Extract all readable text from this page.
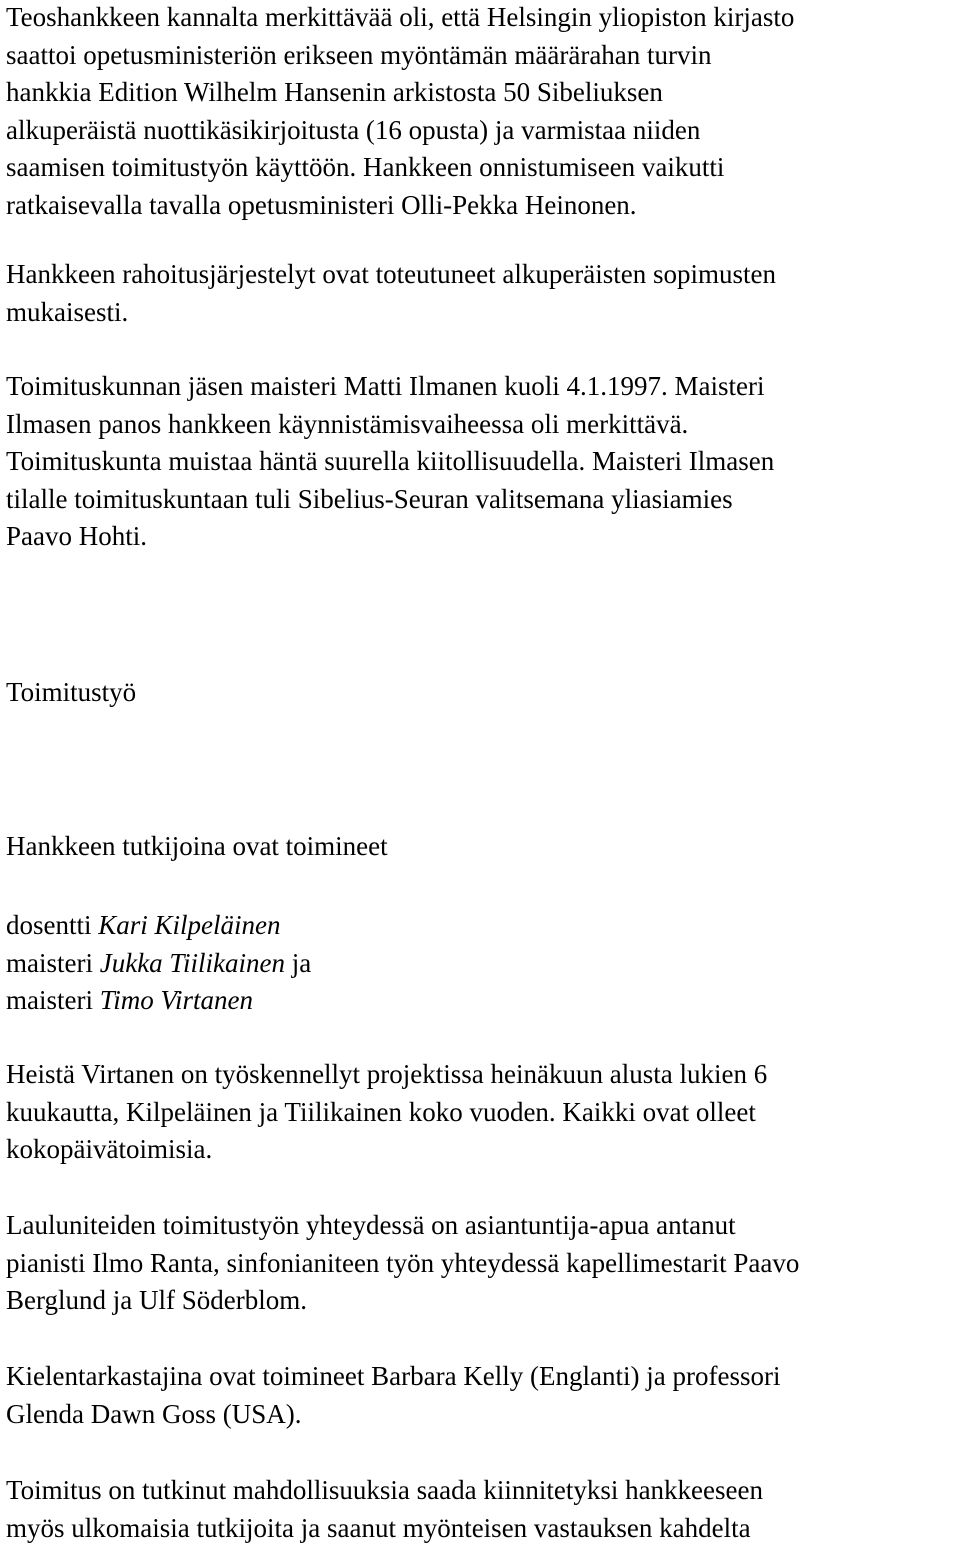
Teoshankkeen kannalta merkittävää oli, että Helsingin yliopiston kirjasto
saattoi opetusministeriön erikseen myöntämän määrärahan turvin
hankkia Edition Wilhelm Hansenin arkistosta 50 Sibeliuksen
alkuperäistä nuottikäsikirjoitusta (16 opusta) ja varmistaa niiden
saamisen toimitustyön käyttöön. Hankkeen onnistumiseen vaikutti
ratkaisevalla tavalla opetusministeri Olli-Pekka Heinonen.

Hankkeen rahoitusjärjestelyt ovat toteutuneet alkuperäisten sopimusten
mukaisesti.

Toimituskunnan jäsen maisteri Matti Ilmanen kuoli 4.1.1997. Maisteri
Ilmasen panos hankkeen käynnistämisvaiheessa oli merkittävä.
Toimituskunta muistaa häntä suurella kiitollisuudella. Maisteri Ilmasen
tilalle toimituskuntaan tuli Sibelius-Seuran valitsemana yliasiamies
Paavo Hohti.

Toimitustyö

Hankkeen tutkijoina ovat toimineet

dosentti Kari Kilpeläinen
maisteri Jukka Tiilikainen ja
maisteri Timo Virtanen

Heistä Virtanen on työskennellyt projektissa heinäkuun alusta lukien 6
kuukautta, Kilpeläinen ja Tiilikainen koko vuoden. Kaikki ovat olleet
kokopäivätoimisia.

Lauluniteiden toimitustyön yhteydessä on asiantuntija-apua antanut
pianisti Ilmo Ranta, sinfonianiteen työn yhteydessä kapellimestarit Paavo
Berglund ja Ulf Söderblom.

Kielentarkastajina ovat toimineet Barbara Kelly (Englanti) ja professori
Glenda Dawn Goss (USA).

Toimitus on tutkinut mahdollisuuksia saada kiinnitetyksi hankkeeseen
myös ulkomaisia tutkijoita ja saanut myönteisen vastauksen kahdelta
